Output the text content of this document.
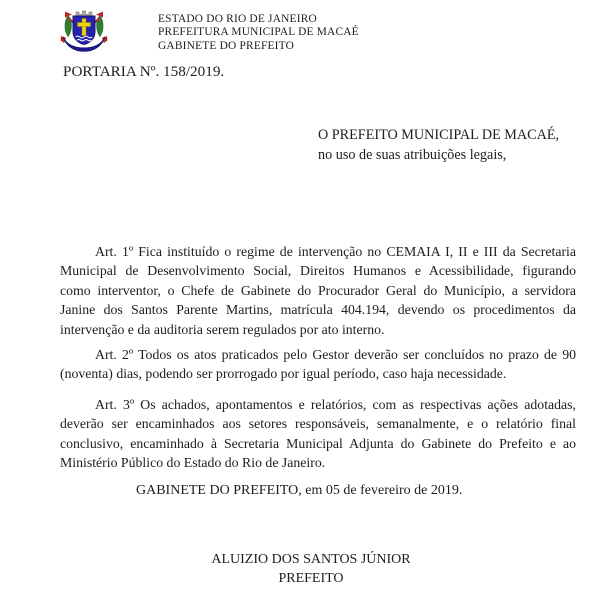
ESTADO DO RIO DE JANEIRO
PREFEITURA MUNICIPAL DE MACAÉ
GABINETE DO PREFEITO
PORTARIA Nº. 158/2019.
O PREFEITO MUNICIPAL DE MACAÉ,
no uso de suas atribuições legais,
Art. 1º Fica instituído o regime de intervenção no CEMAIA I, II e III da Secretaria
Municipal de Desenvolvimento Social, Direitos Humanos e Acessibilidade, figurando
como interventor, o Chefe de Gabinete do Procurador Geral do Município, a servidora
Janine dos Santos Parente Martins, matrícula 404.194, devendo os procedimentos da
intervenção e da auditoria serem regulados por ato interno.
Art. 2º Todos os atos praticados pelo Gestor deverão ser concluídos no prazo de 90
(noventa) dias, podendo ser prorrogado por igual período, caso haja necessidade.
Art. 3º Os achados, apontamentos e relatórios, com as respectivas ações adotadas,
deverão ser encaminhados aos setores responsáveis, semanalmente, e o relatório final
conclusivo, encaminhado à Secretaria Municipal Adjunta do Gabinete do Prefeito e ao
Ministério Público do Estado do Rio de Janeiro.
GABINETE DO PREFEITO, em 05 de fevereiro de 2019.
ALUIZIO DOS SANTOS JÚNIOR
PREFEITO
